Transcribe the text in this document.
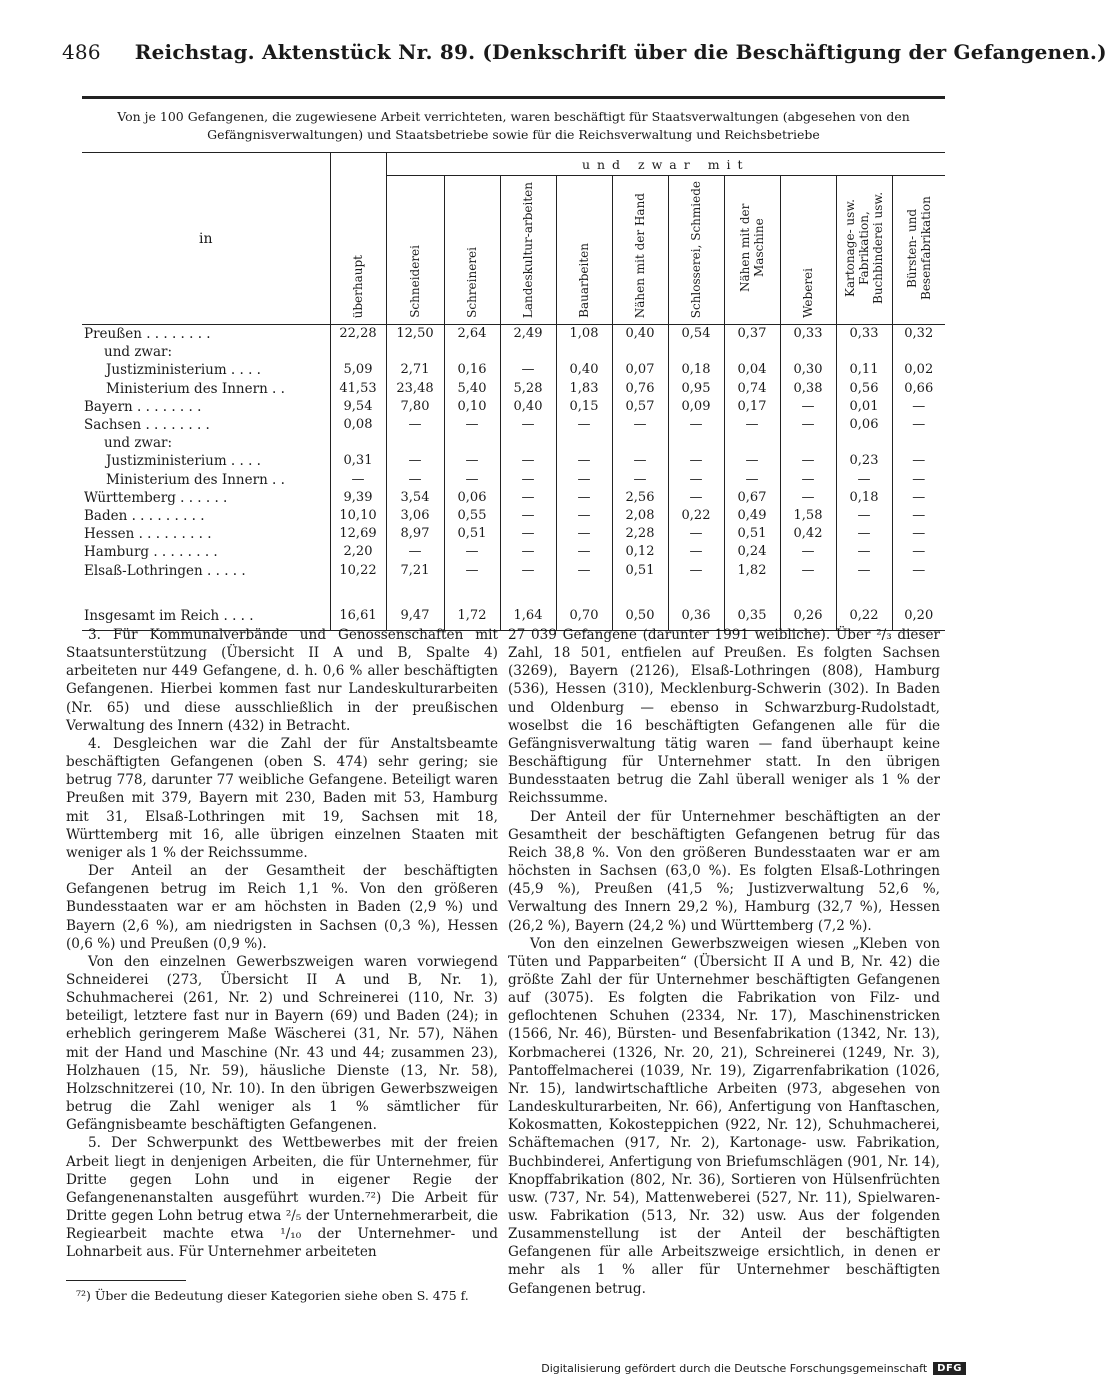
486 Reichstag. Aktenstück Nr. 89. (Denkschrift über die Beschäftigung der Gefangenen.)
Von je 100 Gefangenen, die zugewiesene Arbeit verrichteten, waren beschäftigt für Staatsverwaltungen (abgesehen von den Gefängnisverwaltungen) und Staatsbetriebe sowie für die Reichsverwaltung und Reichsbetriebe
in	überhaupt	und zwar mit									

		Schneiderei	Schreinerei	Landeskultur-arbeiten	Bauarbeiten	Nähen mit der Hand	Schlosserei, Schmiede	Nähen mit der Maschine	Weberei	Kartonage- usw. Fabrikation, Buchbinderei usw.	Bürsten- und Besenfabrikation

Preußen . . . . . . . .	22,28	12,50	2,64	2,49	1,08	0,40	0,54	0,37	0,33	0,33	0,32
und zwar:											
Justizministerium . . . .	5,09	2,71	0,16	—	0,40	0,07	0,18	0,04	0,30	0,11	0,02
Ministerium des Innern . .	41,53	23,48	5,40	5,28	1,83	0,76	0,95	0,74	0,38	0,56	0,66
Bayern . . . . . . . .	9,54	7,80	0,10	0,40	0,15	0,57	0,09	0,17	—	0,01	—
Sachsen . . . . . . . .	0,08	—	—	—	—	—	—	—	—	0,06	—
und zwar:											
Justizministerium . . . .	0,31	—	—	—	—	—	—	—	—	0,23	—
Ministerium des Innern . .	—	—	—	—	—	—	—	—	—	—	—
Württemberg . . . . . .	9,39	3,54	0,06	—	—	2,56	—	0,67	—	0,18	—
Baden . . . . . . . . .	10,10	3,06	0,55	—	—	2,08	0,22	0,49	1,58	—	—
Hessen . . . . . . . . .	12,69	8,97	0,51	—	—	2,28	—	0,51	0,42	—	—
Hamburg . . . . . . . .	2,20	—	—	—	—	0,12	—	0,24	—	—	—
Elsaß-Lothringen . . . . .	10,22	7,21	—	—	—	0,51	—	1,82	—	—	—

Insgesamt im Reich . . . .	16,61	9,47	1,72	1,64	0,70	0,50	0,36	0,35	0,26	0,22	0,20

3. Für Kommunalverbände und Genossenschaften mit Staatsunterstützung (Übersicht II A und B, Spalte 4) arbeiteten nur 449 Gefangene, d. h. 0,6 % aller beschäftigten Gefangenen. Hierbei kommen fast nur Landeskulturarbeiten (Nr. 65) und diese ausschließlich in der preußischen Verwaltung des Innern (432) in Betracht.

4. Desgleichen war die Zahl der für Anstaltsbeamte beschäftigten Gefangenen (oben S. 474) sehr gering; sie betrug 778, darunter 77 weibliche Gefangene. Beteiligt waren Preußen mit 379, Bayern mit 230, Baden mit 53, Hamburg mit 31, Elsaß-Lothringen mit 19, Sachsen mit 18, Württemberg mit 16, alle übrigen einzelnen Staaten mit weniger als 1 % der Reichssumme.

Der Anteil an der Gesamtheit der beschäftigten Gefangenen betrug im Reich 1,1 %. Von den größeren Bundesstaaten war er am höchsten in Baden (2,9 %) und Bayern (2,6 %), am niedrigsten in Sachsen (0,3 %), Hessen (0,6 %) und Preußen (0,9 %).

Von den einzelnen Gewerbszweigen waren vorwiegend Schneiderei (273, Übersicht II A und B, Nr. 1), Schuhmacherei (261, Nr. 2) und Schreinerei (110, Nr. 3) beteiligt, letztere fast nur in Bayern (69) und Baden (24); in erheblich geringerem Maße Wäscherei (31, Nr. 57), Nähen mit der Hand und Maschine (Nr. 43 und 44; zusammen 23), Holzhauen (15, Nr. 59), häusliche Dienste (13, Nr. 58), Holzschnitzerei (10, Nr. 10). In den übrigen Gewerbszweigen betrug die Zahl weniger als 1 % sämtlicher für Gefängnisbeamte beschäftigten Gefangenen.

5. Der Schwerpunkt des Wettbewerbes mit der freien Arbeit liegt in denjenigen Arbeiten, die für Unternehmer, für Dritte gegen Lohn und in eigener Regie der Gefangenenanstalten ausgeführt wurden.⁷²) Die Arbeit für Dritte gegen Lohn betrug etwa ²/₅ der Unternehmerarbeit, die Regiearbeit machte etwa ¹/₁₀ der Unternehmer- und Lohnarbeit aus. Für Unternehmer arbeiteten

27 039 Gefangene (darunter 1991 weibliche). Über ²/₃ dieser Zahl, 18 501, entfielen auf Preußen. Es folgten Sachsen (3269), Bayern (2126), Elsaß-Lothringen (808), Hamburg (536), Hessen (310), Mecklenburg-Schwerin (302). In Baden und Oldenburg — ebenso in Schwarzburg-Rudolstadt, woselbst die 16 beschäftigten Gefangenen alle für die Gefängnisverwaltung tätig waren — fand überhaupt keine Beschäftigung für Unternehmer statt. In den übrigen Bundesstaaten betrug die Zahl überall weniger als 1 % der Reichssumme.

Der Anteil der für Unternehmer beschäftigten an der Gesamtheit der beschäftigten Gefangenen betrug für das Reich 38,8 %. Von den größeren Bundesstaaten war er am höchsten in Sachsen (63,0 %). Es folgten Elsaß-Lothringen (45,9 %), Preußen (41,5 %; Justizverwaltung 52,6 %, Verwaltung des Innern 29,2 %), Hamburg (32,7 %), Hessen (26,2 %), Bayern (24,2 %) und Württemberg (7,2 %).

Von den einzelnen Gewerbszweigen wiesen „Kleben von Tüten und Papparbeiten“ (Übersicht II A und B, Nr. 42) die größte Zahl der für Unternehmer beschäftigten Gefangenen auf (3075). Es folgten die Fabrikation von Filz- und geflochtenen Schuhen (2334, Nr. 17), Maschinenstricken (1566, Nr. 46), Bürsten- und Besenfabrikation (1342, Nr. 13), Korbmacherei (1326, Nr. 20, 21), Schreinerei (1249, Nr. 3), Pantoffelmacherei (1039, Nr. 19), Zigarrenfabrikation (1026, Nr. 15), landwirtschaftliche Arbeiten (973, abgesehen von Landeskulturarbeiten, Nr. 66), Anfertigung von Hanftaschen, Kokosmatten, Kokosteppichen (922, Nr. 12), Schuhmacherei, Schäftemachen (917, Nr. 2), Kartonage- usw. Fabrikation, Buchbinderei, Anfertigung von Briefumschlägen (901, Nr. 14), Knopffabrikation (802, Nr. 36), Sortieren von Hülsenfrüchten usw. (737, Nr. 54), Mattenweberei (527, Nr. 11), Spielwaren- usw. Fabrikation (513, Nr. 32) usw. Aus der folgenden Zusammenstellung ist der Anteil der beschäftigten Gefangenen für alle Arbeitszweige ersichtlich, in denen er mehr als 1 % aller für Unternehmer beschäftigten Gefangenen betrug.

⁷²) Über die Bedeutung dieser Kategorien siehe oben S. 475 f.
Digitalisierung gefördert durch die Deutsche Forschungsgemeinschaft	DFG
